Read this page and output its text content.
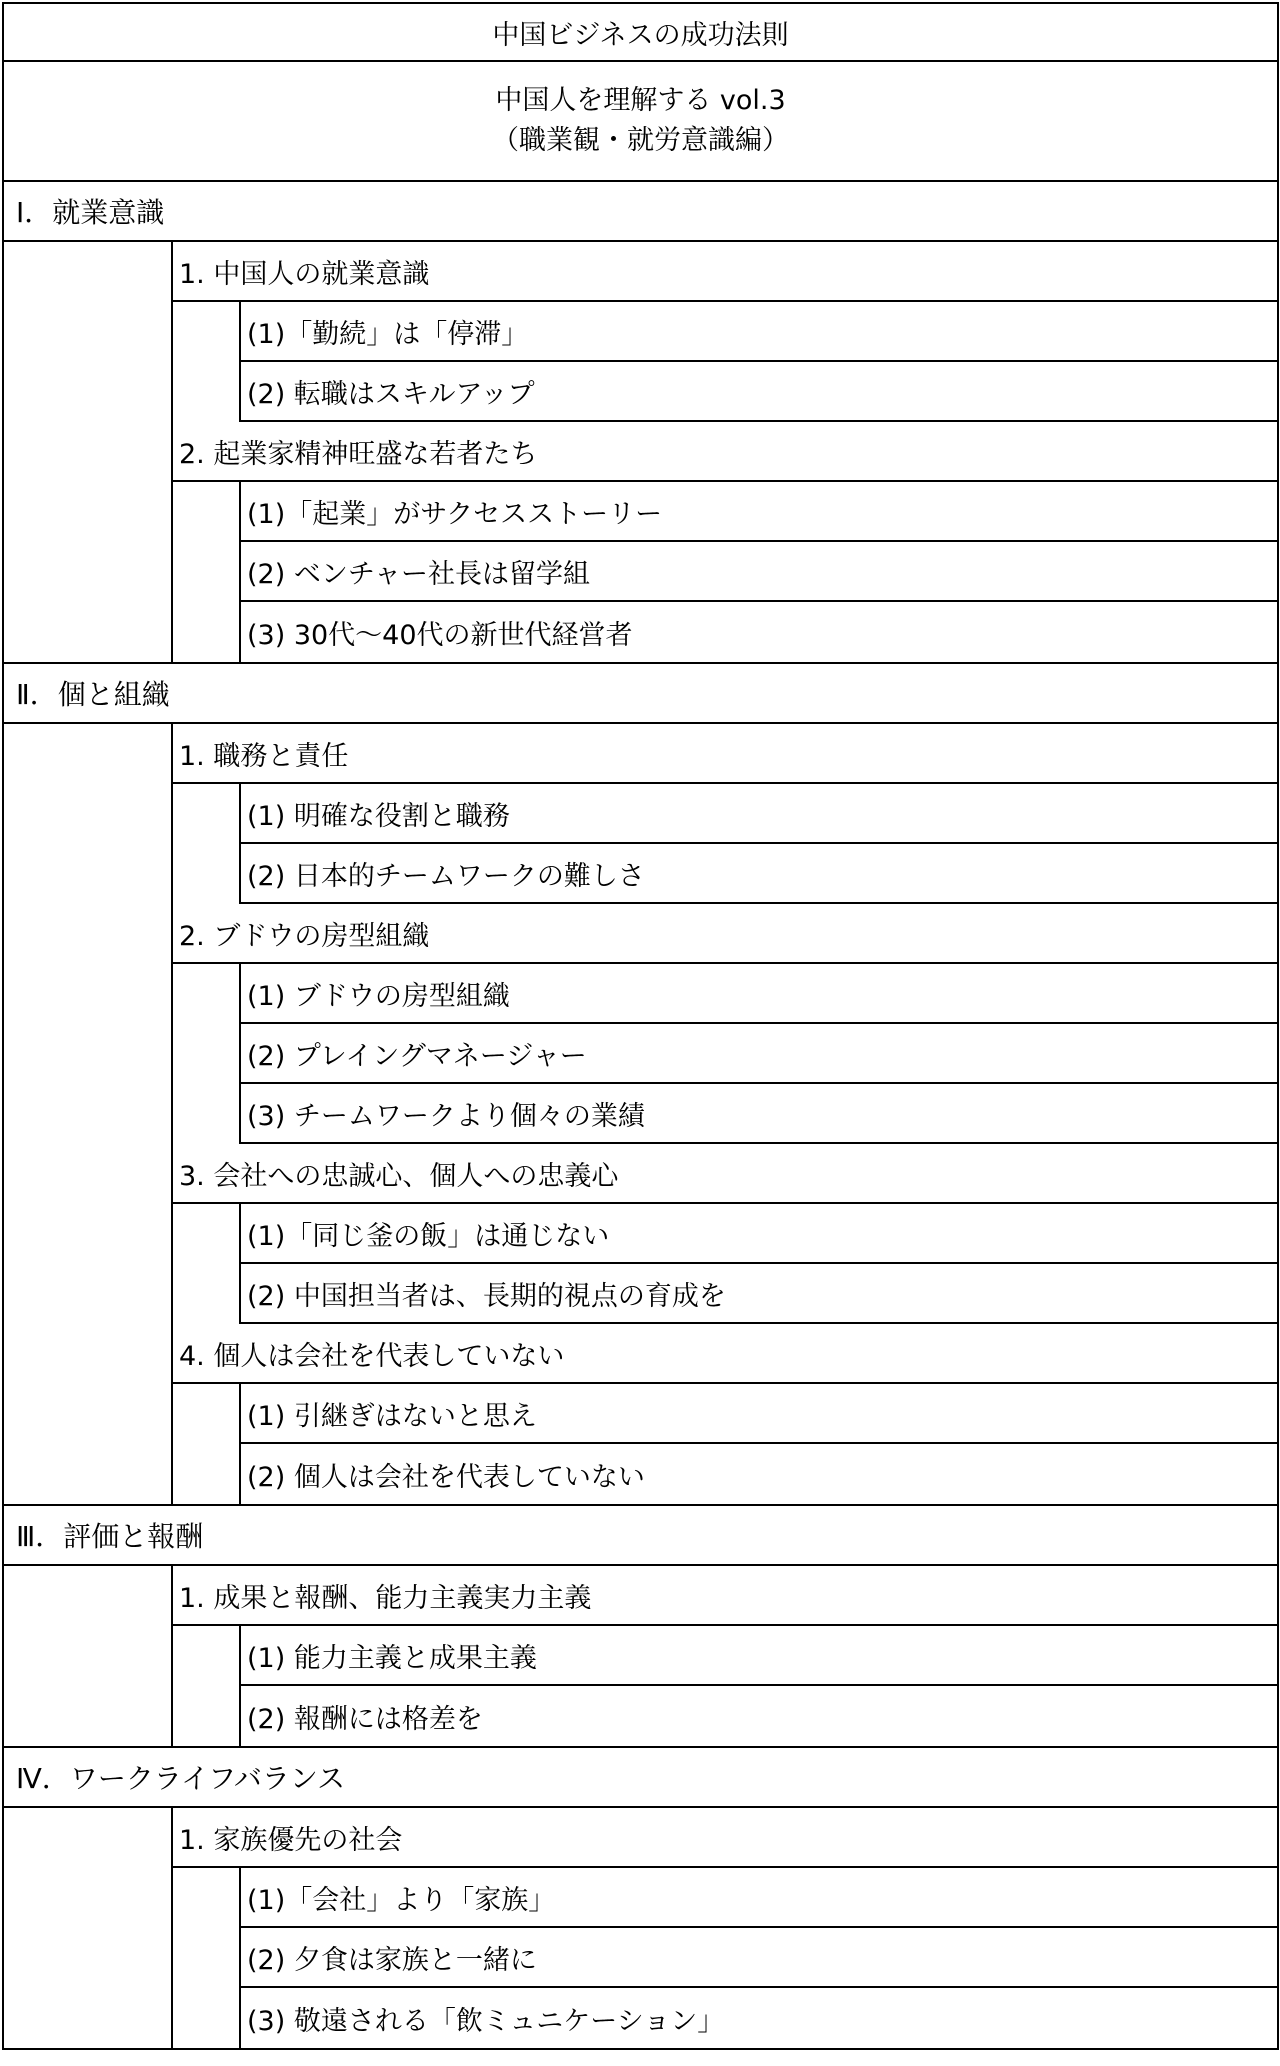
中国ビジネスの成功法則
中国人を理解する vol.3
（職業観・就労意識編）
Ⅰ．就業意識
1. 中国人の就業意識
(1)「勤続」は「停滞」
(2) 転職はスキルアップ
2. 起業家精神旺盛な若者たち
(1)「起業」がサクセスストーリー
(2) ベンチャー社長は留学組
(3) 30代～40代の新世代経営者
Ⅱ．個と組織
1. 職務と責任
(1) 明確な役割と職務
(2) 日本的チームワークの難しさ
2. ブドウの房型組織
(1) ブドウの房型組織
(2) プレイングマネージャー
(3) チームワークより個々の業績
3. 会社への忠誠心、個人への忠義心
(1)「同じ釜の飯」は通じない
(2) 中国担当者は、長期的視点の育成を
4. 個人は会社を代表していない
(1) 引継ぎはないと思え
(2) 個人は会社を代表していない
Ⅲ．評価と報酬
1. 成果と報酬、能力主義実力主義
(1) 能力主義と成果主義
(2) 報酬には格差を
Ⅳ．ワークライフバランス
1. 家族優先の社会
(1)「会社」より「家族」
(2) 夕食は家族と一緒に
(3) 敬遠される「飲ミュニケーション」
